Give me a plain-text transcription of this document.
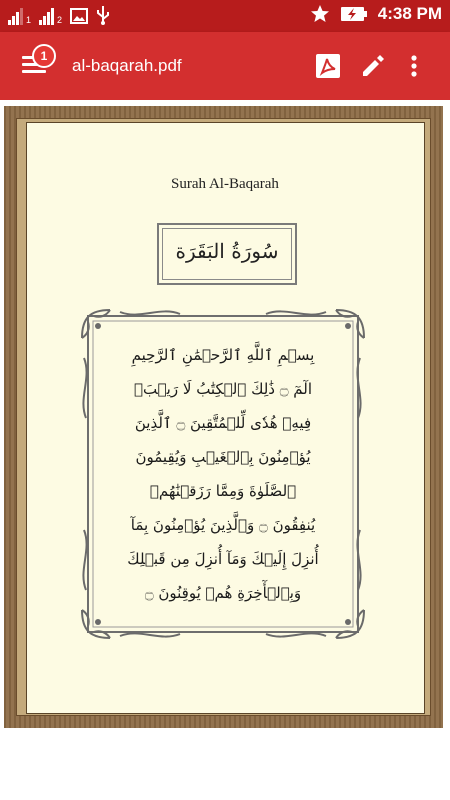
1	2	4:38 PM
1	al-baqarah.pdf
Surah Al-Baqarah
سُورَةُ البَقَرَة
بِسۡمِ ٱللَّهِ ٱلرَّحۡمَٰنِ ٱلرَّحِيمِ
الٓمٓ ۝ ذَٰلِكَ ٱلۡكِتَٰبُ لَا رَيۡبَۛ
فِيهِۛ هُدٗى لِّلۡمُتَّقِينَ ۝ ٱلَّذِينَ
يُؤۡمِنُونَ بِٱلۡغَيۡبِ وَيُقِيمُونَ
ٱلصَّلَوٰةَ وَمِمَّا رَزَقۡنَٰهُمۡ
يُنفِقُونَ ۝ وَٱلَّذِينَ يُؤۡمِنُونَ بِمَآ
أُنزِلَ إِلَيۡكَ وَمَآ أُنزِلَ مِن قَبۡلِكَ
وَبِٱلۡأٓخِرَةِ هُمۡ يُوقِنُونَ ۝
